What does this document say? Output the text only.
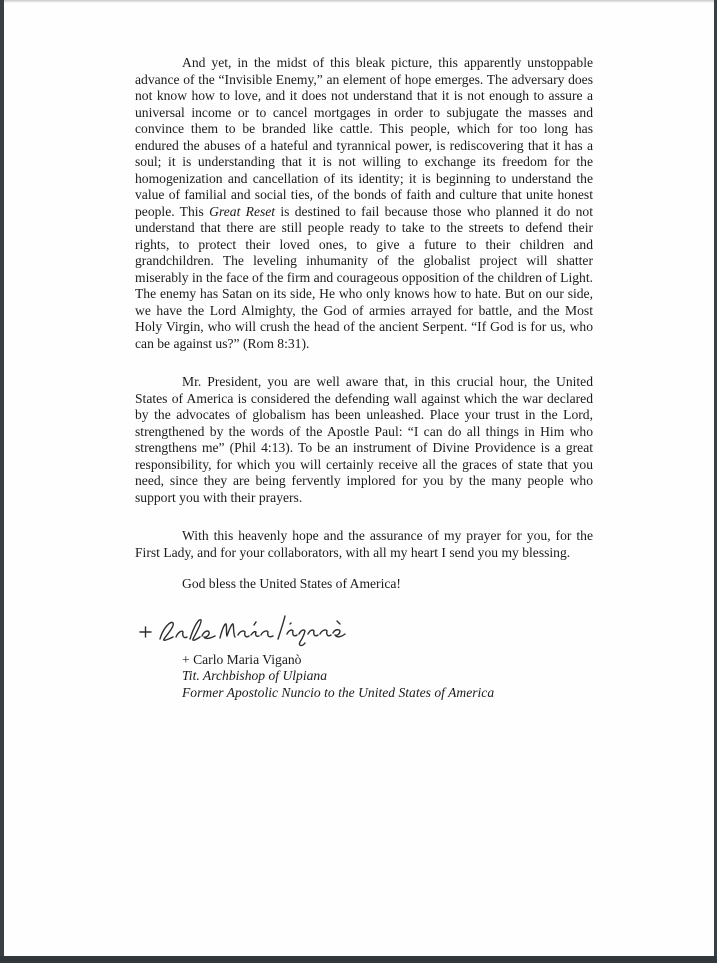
And yet, in the midst of this bleak picture, this apparently unstoppable advance of the “Invisible Enemy,” an element of hope emerges. The adversary does not know how to love, and it does not understand that it is not enough to assure a universal income or to cancel mortgages in order to subjugate the masses and convince them to be branded like cattle. This people, which for too long has endured the abuses of a hateful and tyrannical power, is rediscovering that it has a soul; it is understanding that it is not willing to exchange its freedom for the homogenization and cancellation of its identity; it is beginning to understand the value of familial and social ties, of the bonds of faith and culture that unite honest people. This Great Reset is destined to fail because those who planned it do not understand that there are still people ready to take to the streets to defend their rights, to protect their loved ones, to give a future to their children and grandchildren. The leveling inhumanity of the globalist project will shatter miserably in the face of the firm and courageous opposition of the children of Light. The enemy has Satan on its side, He who only knows how to hate. But on our side, we have the Lord Almighty, the God of armies arrayed for battle, and the Most Holy Virgin, who will crush the head of the ancient Serpent. “If God is for us, who can be against us?” (Rom 8:31).

Mr. President, you are well aware that, in this crucial hour, the United States of America is considered the defending wall against which the war declared by the advocates of globalism has been unleashed. Place your trust in the Lord, strengthened by the words of the Apostle Paul: “I can do all things in Him who strengthens me” (Phil 4:13). To be an instrument of Divine Providence is a great responsibility, for which you will certainly receive all the graces of state that you need, since they are being fervently implored for you by the many people who support you with their prayers.

With this heavenly hope and the assurance of my prayer for you, for the First Lady, and for your collaborators, with all my heart I send you my blessing.

God bless the United States of America!

+ Carlo Maria Viganò

Tit. Archbishop of Ulpiana

Former Apostolic Nuncio to the United States of America
